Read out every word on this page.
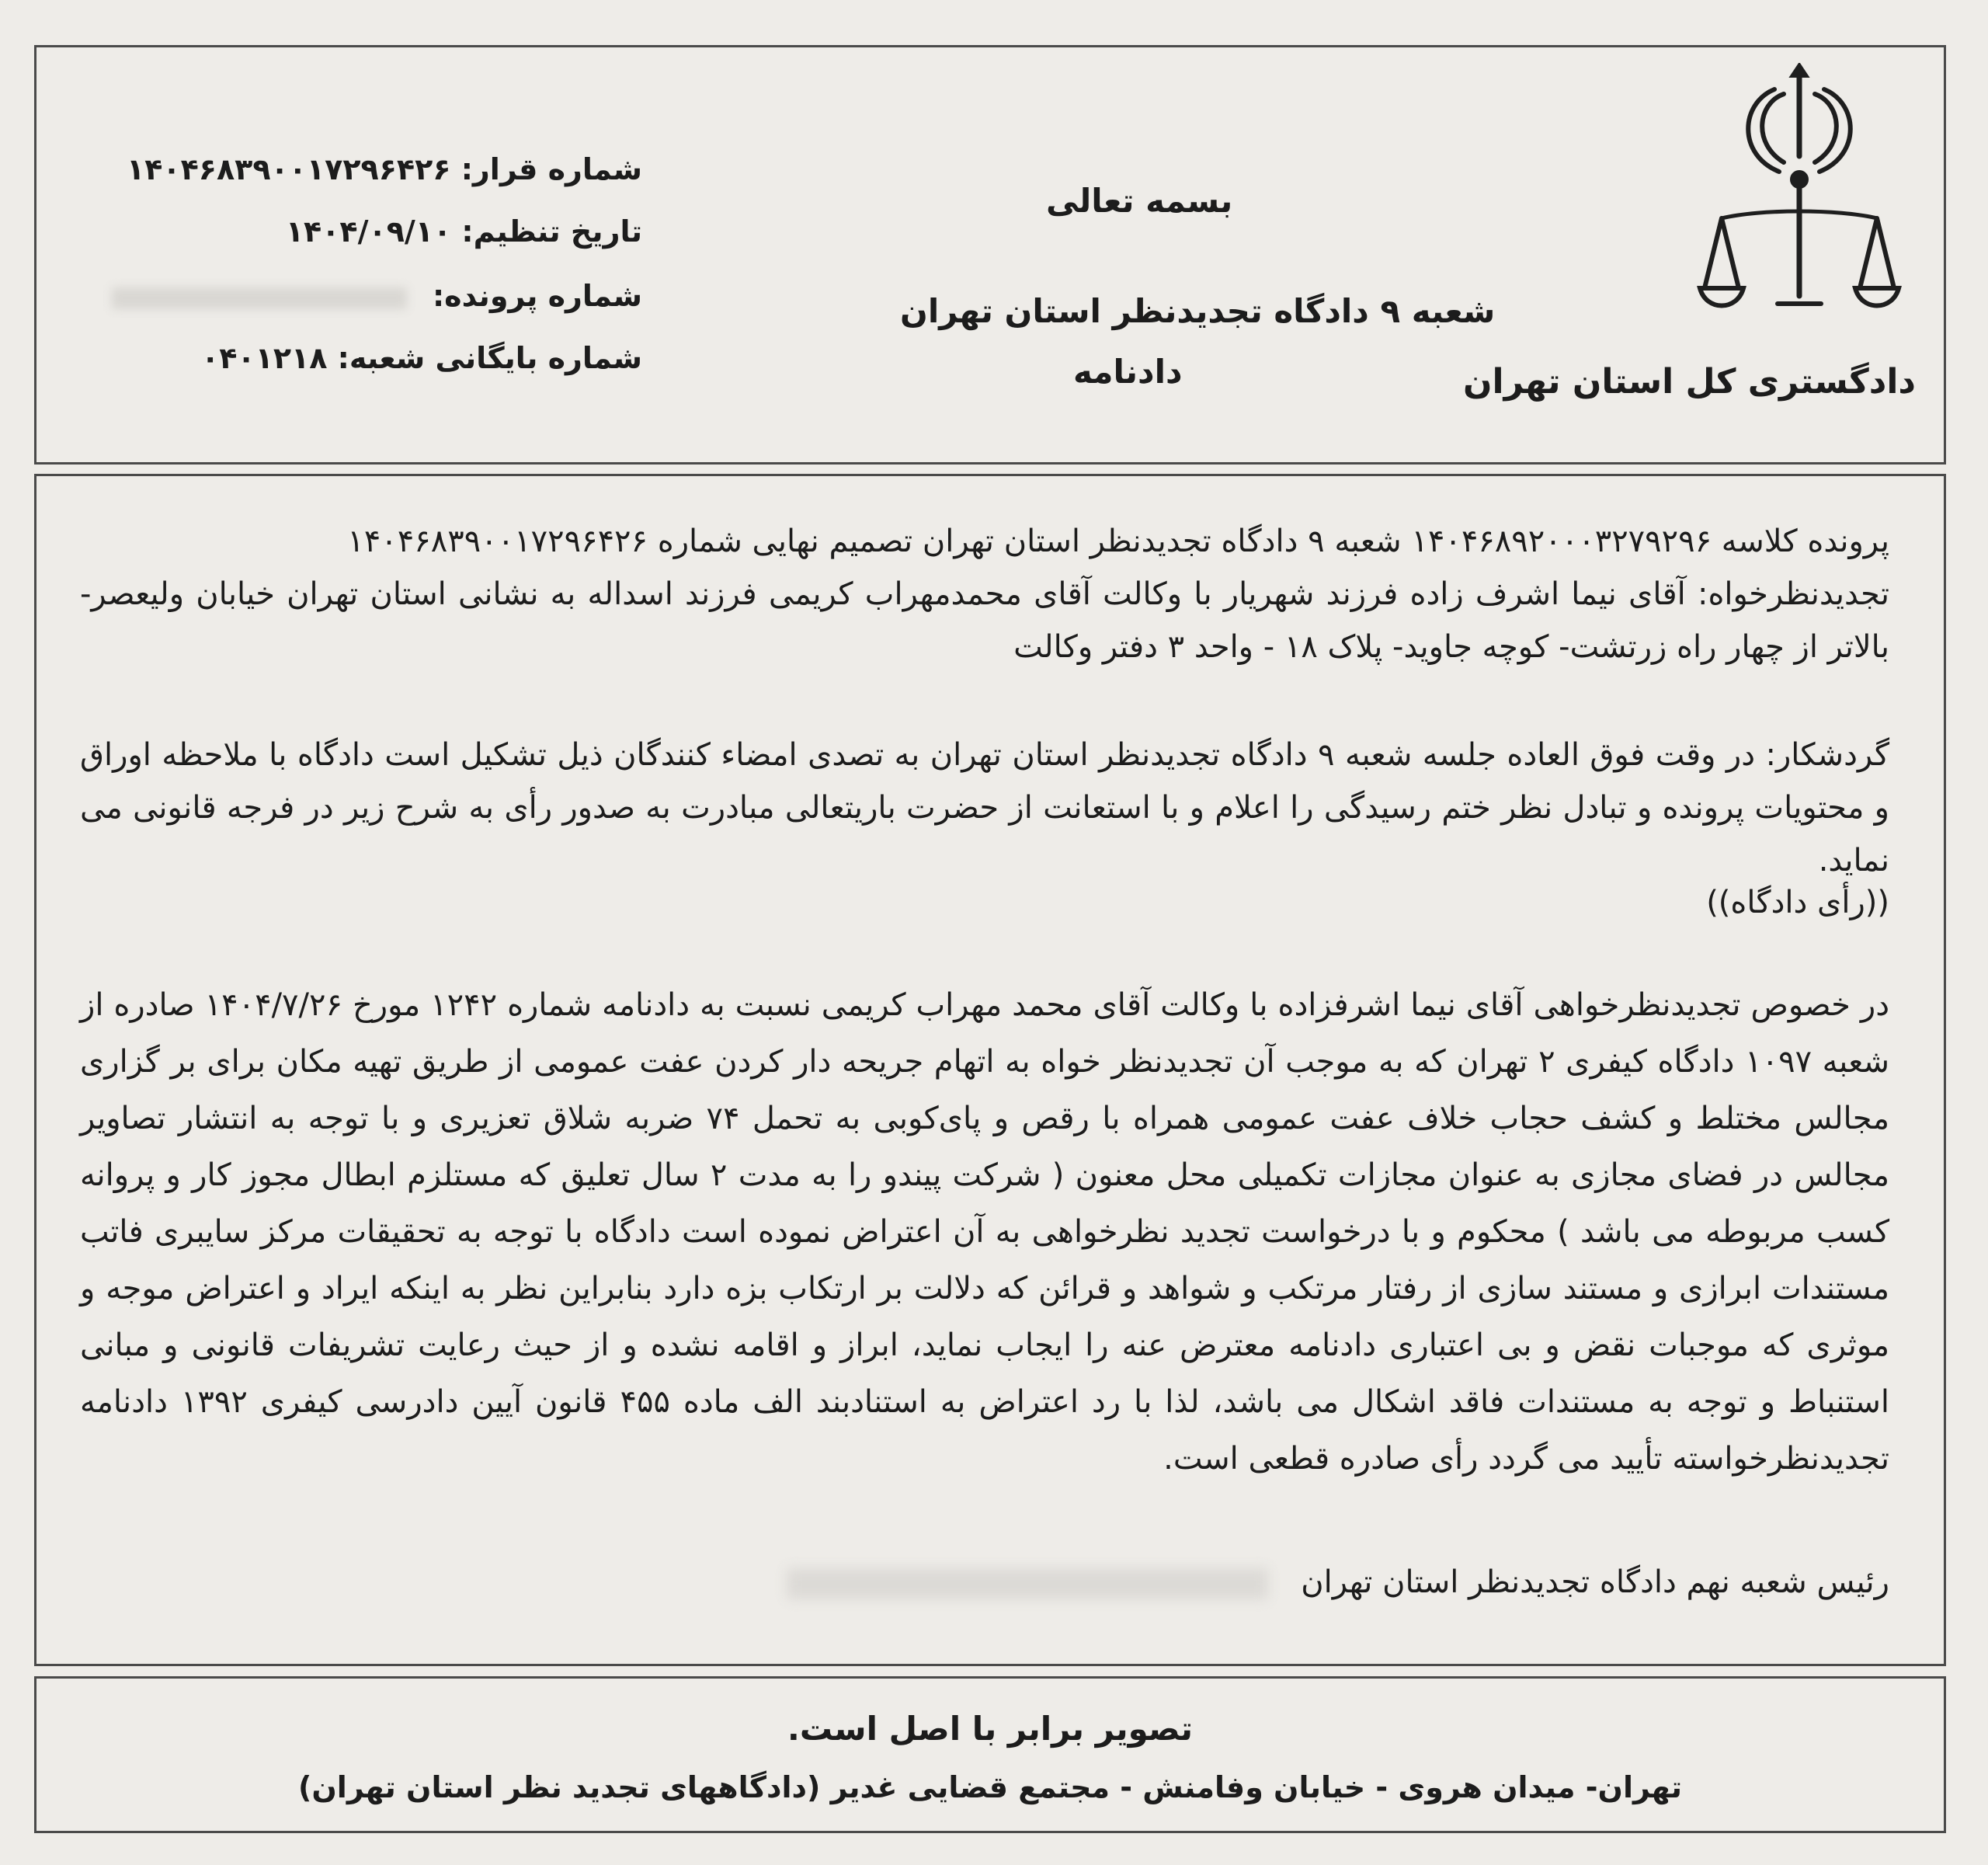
دادگستری کل استان تهران
بسمه تعالی
شعبه ۹ دادگاه تجدیدنظر استان تهران
دادنامه
شماره قرار: ۱۴۰۴۶۸۳۹۰۰۱۷۲۹۶۴۲۶
تاریخ تنظیم: ۱۴۰۴/۰۹/۱۰
شماره پرونده:
شماره بایگانی شعبه: ۰۴۰۱۲۱۸
پرونده کلاسه ۱۴۰۴۶۸۹۲۰۰۰۳۲۷۹۲۹۶ شعبه ۹ دادگاه تجدیدنظر استان تهران تصمیم نهایی شماره ۱۴۰۴۶۸۳۹۰۰۱۷۲۹۶۴۲۶
تجدیدنظرخواه: آقای نیما اشرف زاده فرزند شهریار با وکالت آقای محمدمهراب کریمی فرزند اسداله به نشانی استان تهران خیابان ولیعصر- بالاتر از چهار راه زرتشت- کوچه جاوید- پلاک ۱۸ - واحد ۳ دفتر وکالت
گردشکار: در وقت فوق العاده جلسه شعبه ۹ دادگاه تجدیدنظر استان تهران به تصدی امضاء کنندگان ذیل تشکیل است دادگاه با ملاحظه اوراق و محتویات پرونده و تبادل نظر ختم رسیدگی را اعلام و با استعانت از حضرت باریتعالی مبادرت به صدور رأی به شرح زیر در فرجه قانونی می نماید.
((رأی دادگاه))
در خصوص تجدیدنظرخواهی آقای نیما اشرفزاده با وکالت آقای محمد مهراب کریمی نسبت به دادنامه شماره ۱۲۴۲ مورخ ۱۴۰۴/۷/۲۶ صادره از شعبه ۱۰۹۷ دادگاه کیفری ۲ تهران که به موجب آن تجدیدنظر خواه به اتهام جریحه دار کردن عفت عمومی از طریق تهیه مکان برای بر گزاری مجالس مختلط و کشف حجاب خلاف عفت عمومی همراه با رقص و پای‌کوبی به تحمل ۷۴ ضربه شلاق تعزیری و با توجه به انتشار تصاویر مجالس در فضای مجازی به عنوان مجازات تکمیلی محل معنون ( شرکت پیندو را به مدت ۲ سال تعلیق که مستلزم ابطال مجوز کار و پروانه کسب مربوطه می باشد ) محکوم و با درخواست تجدید نظرخواهی به آن اعتراض نموده است دادگاه با توجه به تحقیقات مرکز سایبری فاتب مستندات ابرازی و مستند سازی از رفتار مرتکب و شواهد و قرائن که دلالت بر ارتکاب بزه دارد بنابراین نظر به اینکه ایراد و اعتراض موجه و موثری که موجبات نقض و بی اعتباری دادنامه معترض عنه را ایجاب نماید، ابراز و اقامه نشده و از حیث رعایت تشریفات قانونی و مبانی استنباط و توجه به مستندات فاقد اشکال می باشد، لذا با رد اعتراض به استنادبند الف ماده ۴۵۵ قانون آیین دادرسی کیفری ۱۳۹۲ دادنامه تجدیدنظرخواسته تأیید می گردد رأی صادره قطعی است.
رئیس شعبه نهم دادگاه تجدیدنظر استان تهران
تصویر برابر با اصل است.
تهران- میدان هروی - خیابان وفامنش - مجتمع قضایی غدیر (دادگاههای تجدید نظر استان تهران)
